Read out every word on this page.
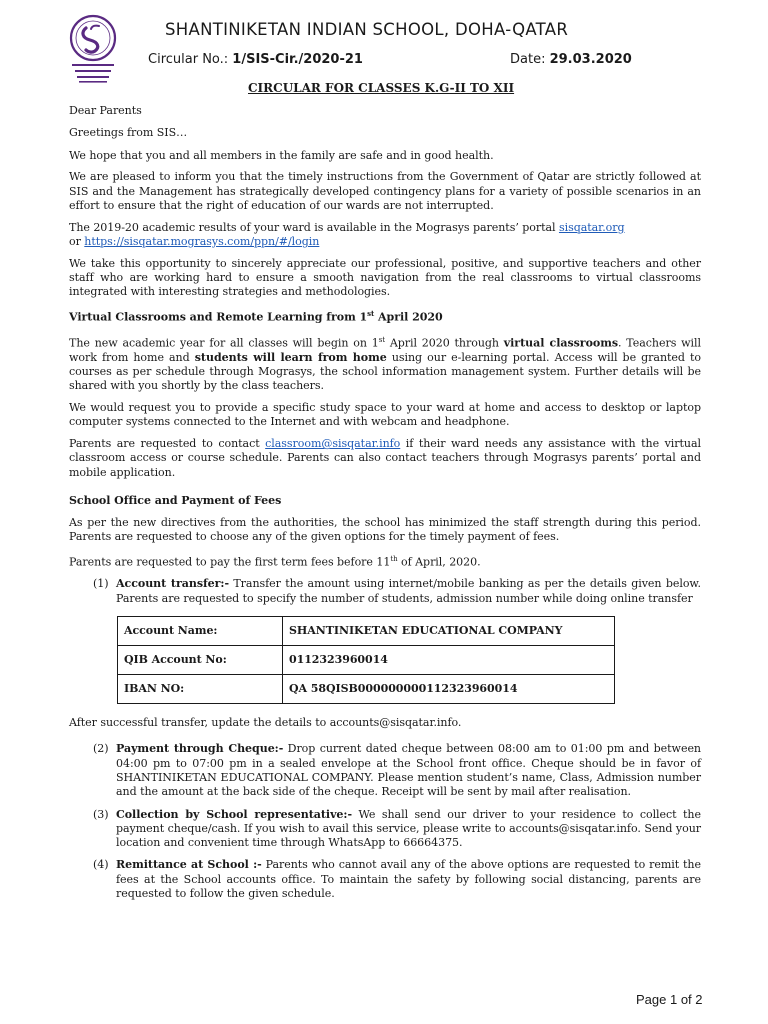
SHANTINIKETAN INDIAN SCHOOL, DOHA-QATAR
Circular No.: 1/SIS-Cir./2020-21	Date: 29.03.2020
CIRCULAR FOR CLASSES K.G-II TO XII

Dear Parents

Greetings from SIS…

We hope that you and all members in the family are safe and in good health.

We are pleased to inform you that the timely instructions from the Government of Qatar are strictly followed at SIS and the Management has strategically developed contingency plans for a variety of possible scenarios in an effort to ensure that the right of education of our wards are not interrupted.

The 2019-20 academic results of your ward is available in the Mograsys parents’ portal sisqatar.org
or https://sisqatar.mograsys.com/ppn/#/login

We take this opportunity to sincerely appreciate our professional, positive, and supportive teachers and other staff who are working hard to ensure a smooth navigation from the real classrooms to virtual classrooms integrated with interesting strategies and methodologies.

Virtual Classrooms and Remote Learning from 1st April 2020

The new academic year for all classes will begin on 1st April 2020 through virtual classrooms. Teachers will work from home and students will learn from home using our e-learning portal. Access will be granted to courses as per schedule through Mograsys, the school information management system. Further details will be shared with you shortly by the class teachers.

We would request you to provide a specific study space to your ward at home and access to desktop or laptop computer systems connected to the Internet and with webcam and headphone.

Parents are requested to contact classroom@sisqatar.info if their ward needs any assistance with the virtual classroom access or course schedule. Parents can also contact teachers through Mograsys parents’ portal and mobile application.

School Office and Payment of Fees

As per the new directives from the authorities, the school has minimized the staff strength during this period. Parents are requested to choose any of the given options for the timely payment of fees.

Parents are requested to pay the first term fees before 11th of April, 2020.

(1) Account transfer:- Transfer the amount using internet/mobile banking as per the details given below. Parents are requested to specify the number of students, admission number while doing online transfer
Account Name:	SHANTINIKETAN EDUCATIONAL COMPANY
QIB Account No:	0112323960014
IBAN NO:	QA 58QISB000000000112323960014

After successful transfer, update the details to accounts@sisqatar.info.

(2) Payment through Cheque:- Drop current dated cheque between 08:00 am to 01:00 pm and between 04:00 pm to 07:00 pm in a sealed envelope at the School front office. Cheque should be in favor of SHANTINIKETAN EDUCATIONAL COMPANY. Please mention student’s name, Class, Admission number and the amount at the back side of the cheque. Receipt will be sent by mail after realisation.
(3) Collection by School representative:- We shall send our driver to your residence to collect the payment cheque/cash. If you wish to avail this service, please write to accounts@sisqatar.info. Send your location and convenient time through WhatsApp to 66664375.
(4) Remittance at School :- Parents who cannot avail any of the above options are requested to remit the fees at the School accounts office. To maintain the safety by following social distancing, parents are requested to follow the given schedule.
Page 1 of 2
